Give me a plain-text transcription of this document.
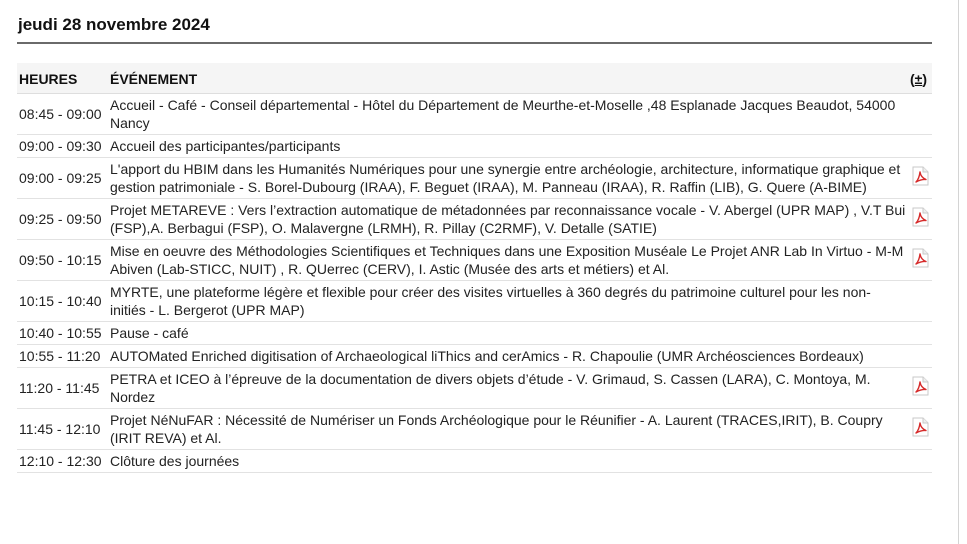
jeudi 28 novembre 2024
HEURES	ÉVÉNEMENT	(±)
08:45 - 09:00	Accueil - Café - Conseil départemental - Hôtel du Département de Meurthe-et-Moselle ,48 Esplanade Jacques Beaudot, 54000 Nancy	
09:00 - 09:30	Accueil des participantes/participants	
09:00 - 09:25	L'apport du HBIM dans les Humanités Numériques pour une synergie entre archéologie, architecture, informatique graphique et gestion patrimoniale - S. Borel-Dubourg (IRAA), F. Beguet (IRAA), M. Panneau (IRAA), R. Raffin (LIB), G. Quere (A-BIME)	
09:25 - 09:50	Projet METAREVE : Vers l’extraction automatique de métadonnées par reconnaissance vocale - V. Abergel (UPR MAP) , V.T Bui (FSP),A. Berbagui (FSP), O. Malavergne (LRMH), R. Pillay (C2RMF), V. Detalle (SATIE)	
09:50 - 10:15	Mise en oeuvre des Méthodologies Scientifiques et Techniques dans une Exposition Muséale Le Projet ANR Lab In Virtuo - M-M Abiven (Lab-STICC, NUIT) , R. QUerrec (CERV), I. Astic (Musée des arts et métiers) et Al.	
10:15 - 10:40	MYRTE, une plateforme légère et flexible pour créer des visites virtuelles à 360 degrés du patrimoine culturel pour les non-initiés - L. Bergerot (UPR MAP)	
10:40 - 10:55	Pause - café	
10:55 - 11:20	AUTOMated Enriched digitisation of Archaeological liThics and cerAmics - R. Chapoulie (UMR Archéosciences Bordeaux)	
11:20 - 11:45	PETRA et ICEO à l’épreuve de la documentation de divers objets d’étude - V. Grimaud, S. Cassen (LARA), C. Montoya, M. Nordez	
11:45 - 12:10	Projet NéNuFAR : Nécessité de Numériser un Fonds Archéologique pour le Réunifier - A. Laurent (TRACES,IRIT), B. Coupry (IRIT REVA) et Al.	
12:10 - 12:30	Clôture des journées	
